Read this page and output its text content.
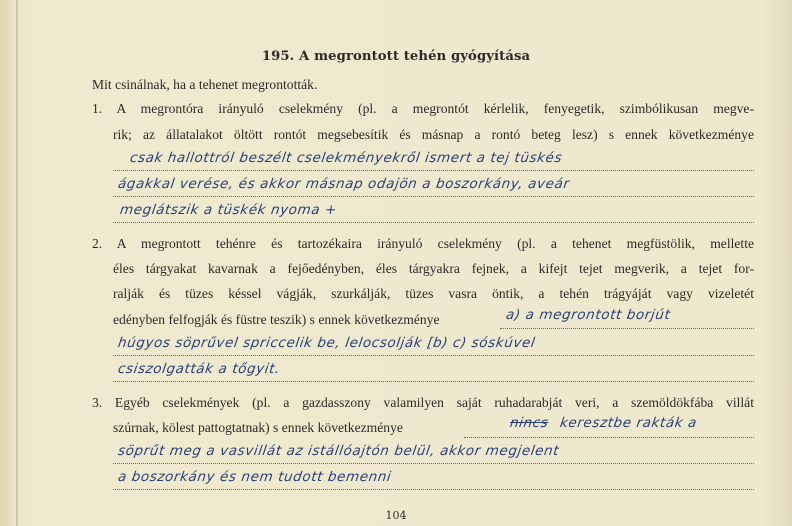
195. A megrontott tehén gyógyítása
Mit csinálnak, ha a tehenet megrontották.
1. A megrontóra irányuló cselekmény (pl. a megrontót kérlelik, fenyegetik, szimbólikusan megve-
rik; az állatalakot öltött rontót megsebesítik és másnap a rontó beteg lesz) s ennek következménye
csak hallottról beszélt cselekményekről ismert a tej tüskés
ágakkal verése, és akkor másnap odajön a boszorkány, aveár
meglátszik a tüskék nyoma +
2. A megrontott tehénre és tartozékaira irányuló cselekmény (pl. a tehenet megfüstölik, mellette
éles tárgyakat kavarnak a fejőedényben, éles tárgyakra fejnek, a kifejt tejet megverik, a tejet for-
ralják és tüzes késsel vágják, szurkálják, tüzes vasra öntik, a tehén trágyáját vagy vizeletét
edényben felfogják és füstre teszik) s ennek következménye	a) a megrontott borjút
húgyos söprűvel spriccelik be, lelocsolják [b) c) sóskúvel
csiszolgatták a tőgyit.
3. Egyéb cselekmények (pl. a gazdasszony valamilyen saját ruhadarabját veri, a szemöldökfába villát
szúrnak, kölest pattogtatnak) s ennek következménye	nincs keresztbe rakták a
söprűt meg a vasvillát az istállóajtón belül, akkor megjelent
a boszorkány és nem tudott bemenni
104
